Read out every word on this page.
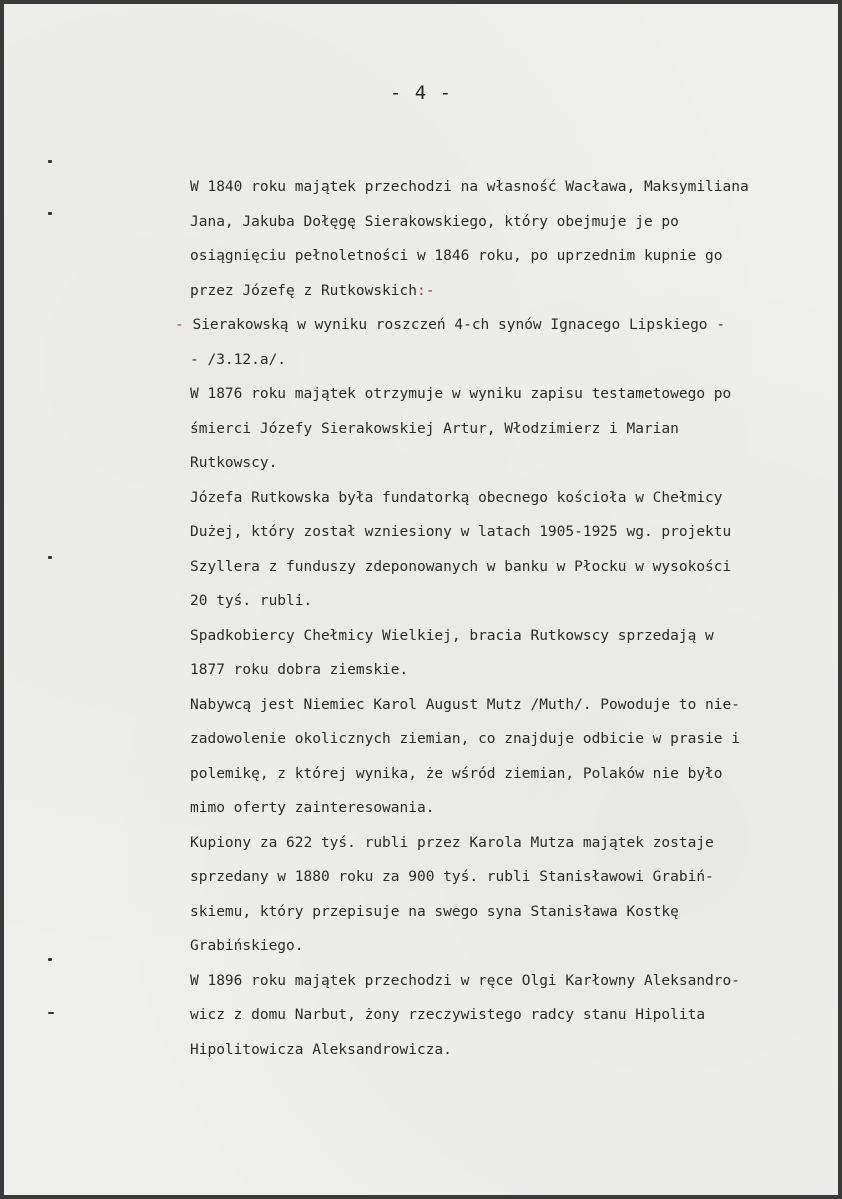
- 4 -
W 1840 roku majątek przechodzi na własność Wacława, Maksymiliana
Jana, Jakuba Dołęgę Sierakowskiego, który obejmuje je po
osiągnięciu pełnoletności w 1846 roku, po uprzednim kupnie go
przez Józefę z Rutkowskich:-
- Sierakowską w wyniku roszczeń 4-ch synów Ignacego Lipskiego -
- /3.12.a/.
W 1876 roku majątek otrzymuje w wyniku zapisu testametowego po
śmierci Józefy Sierakowskiej Artur, Włodzimierz i Marian
Rutkowscy.
Józefa Rutkowska była fundatorką obecnego kościoła w Chełmicy
Dużej, który został wzniesiony w latach 1905-1925 wg. projektu
Szyllera z funduszy zdeponowanych w banku w Płocku w wysokości
20 tyś. rubli.
Spadkobiercy Chełmicy Wielkiej, bracia Rutkowscy sprzedają w
1877 roku dobra ziemskie.
Nabywcą jest Niemiec Karol August Mutz /Muth/. Powoduje to nie-
zadowolenie okolicznych ziemian, co znajduje odbicie w prasie i
polemikę, z której wynika, że wśród ziemian, Polaków nie było
mimo oferty zainteresowania.
Kupiony za 622 tyś. rubli przez Karola Mutza majątek zostaje
sprzedany w 1880 roku za 900 tyś. rubli Stanisławowi Grabiń-
skiemu, który przepisuje na swego syna Stanisława Kostkę
Grabińskiego.
W 1896 roku majątek przechodzi w ręce Olgi Karłowny Aleksandro-
wicz z domu Narbut, żony rzeczywistego radcy stanu Hipolita
Hipolitowicza Aleksandrowicza.
